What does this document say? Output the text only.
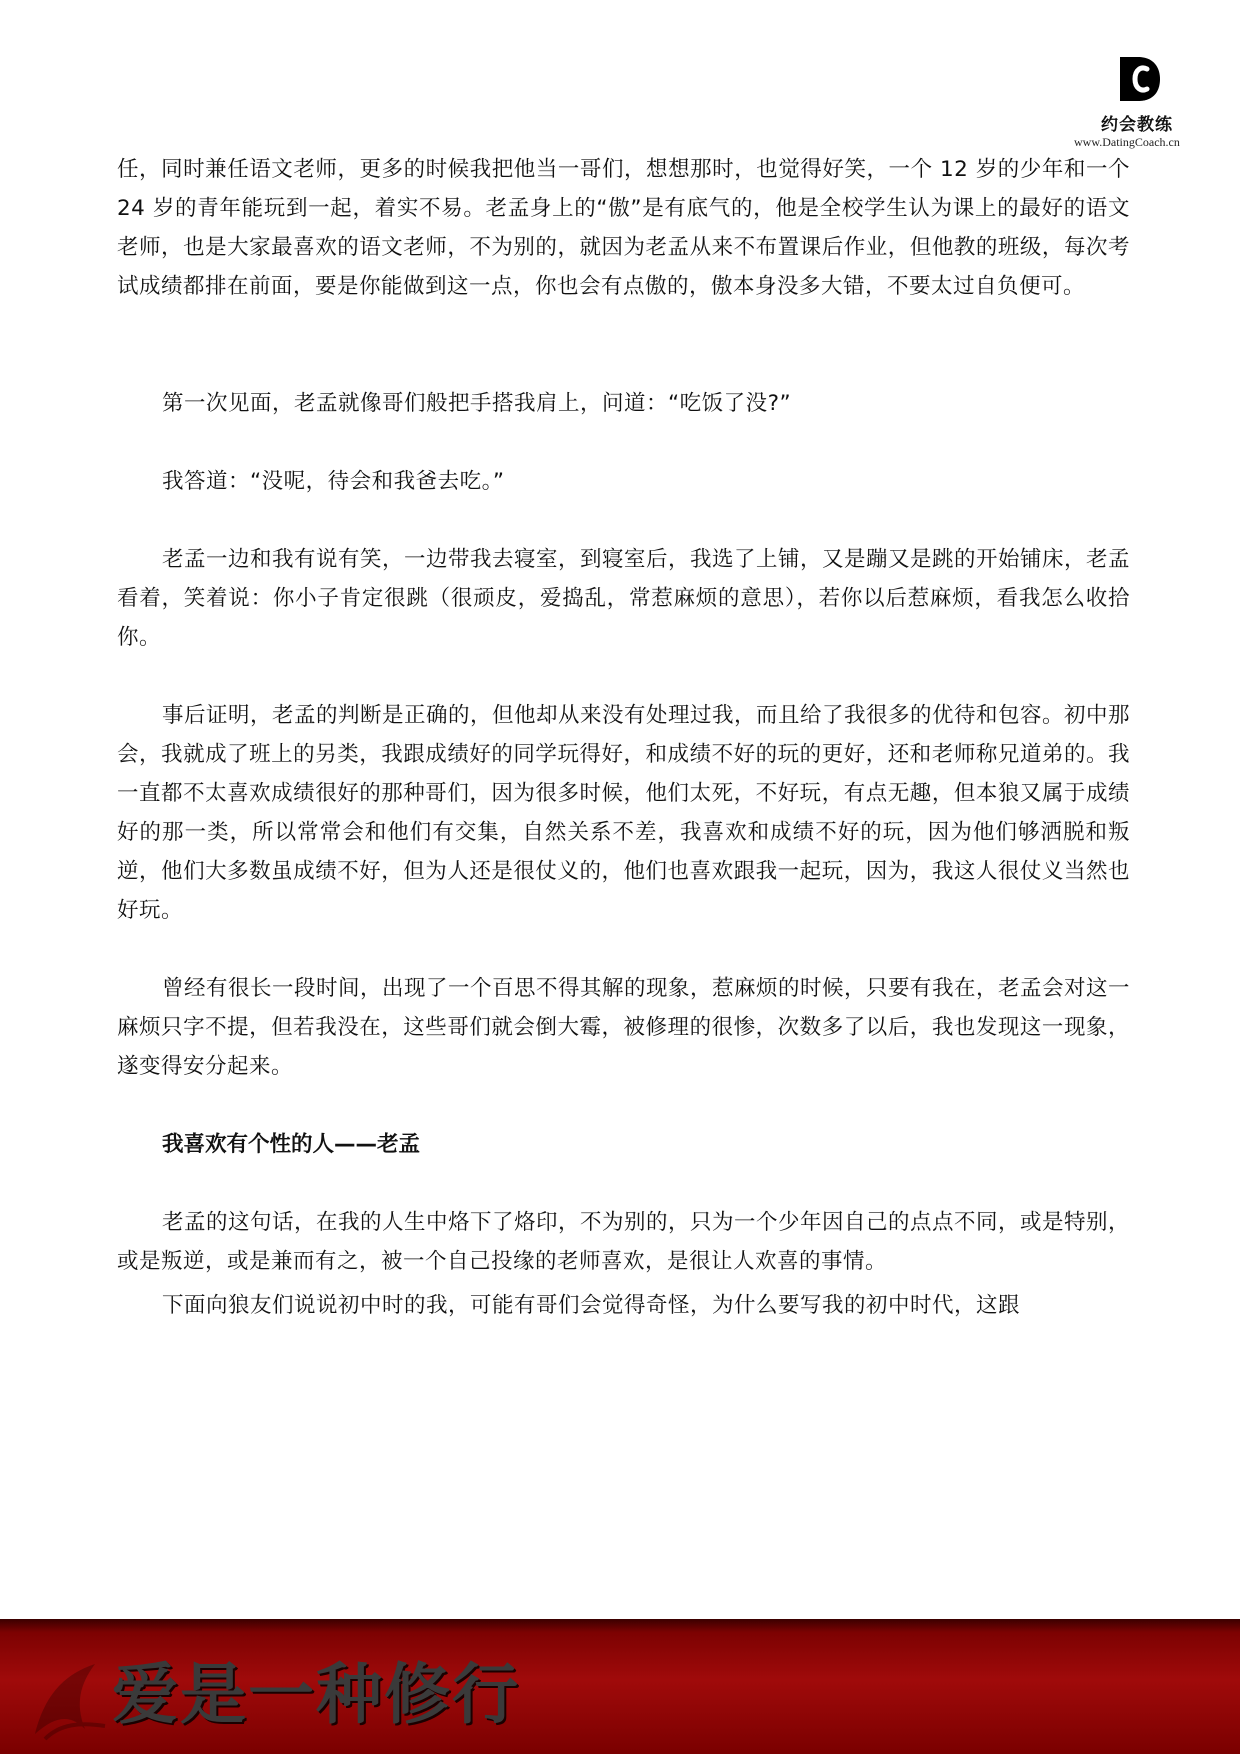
约会教练
www.DatingCoach.cn

任，同时兼任语文老师，更多的时候我把他当一哥们，想想那时，也觉得好笑，一个 12 岁的少年和一个 24 岁的青年能玩到一起，着实不易。老孟身上的“傲”是有底气的，他是全校学生认为课上的最好的语文老师，也是大家最喜欢的语文老师，不为别的，就因为老孟从来不布置课后作业，但他教的班级，每次考试成绩都排在前面，要是你能做到这一点，你也会有点傲的，傲本身没多大错，不要太过自负便可。

第一次见面，老孟就像哥们般把手搭我肩上，问道：“吃饭了没?”

我答道：“没呢，待会和我爸去吃。”

老孟一边和我有说有笑，一边带我去寝室，到寝室后，我选了上铺，又是蹦又是跳的开始铺床，老孟看着，笑着说：你小子肯定很跳（很顽皮，爱捣乱，常惹麻烦的意思），若你以后惹麻烦，看我怎么收拾你。

事后证明，老孟的判断是正确的，但他却从来没有处理过我，而且给了我很多的优待和包容。初中那会，我就成了班上的另类，我跟成绩好的同学玩得好，和成绩不好的玩的更好，还和老师称兄道弟的。我一直都不太喜欢成绩很好的那种哥们，因为很多时候，他们太死，不好玩，有点无趣，但本狼又属于成绩好的那一类，所以常常会和他们有交集，自然关系不差，我喜欢和成绩不好的玩，因为他们够洒脱和叛逆，他们大多数虽成绩不好，但为人还是很仗义的，他们也喜欢跟我一起玩，因为，我这人很仗义当然也好玩。

曾经有很长一段时间，出现了一个百思不得其解的现象，惹麻烦的时候，只要有我在，老孟会对这一麻烦只字不提，但若我没在，这些哥们就会倒大霉，被修理的很惨，次数多了以后，我也发现这一现象，遂变得安分起来。

我喜欢有个性的人——老孟

老孟的这句话，在我的人生中烙下了烙印，不为别的，只为一个少年因自己的点点不同，或是特别，或是叛逆，或是兼而有之，被一个自己投缘的老师喜欢，是很让人欢喜的事情。

下面向狼友们说说初中时的我，可能有哥们会觉得奇怪，为什么要写我的初中时代，这跟

爱是一种修行
